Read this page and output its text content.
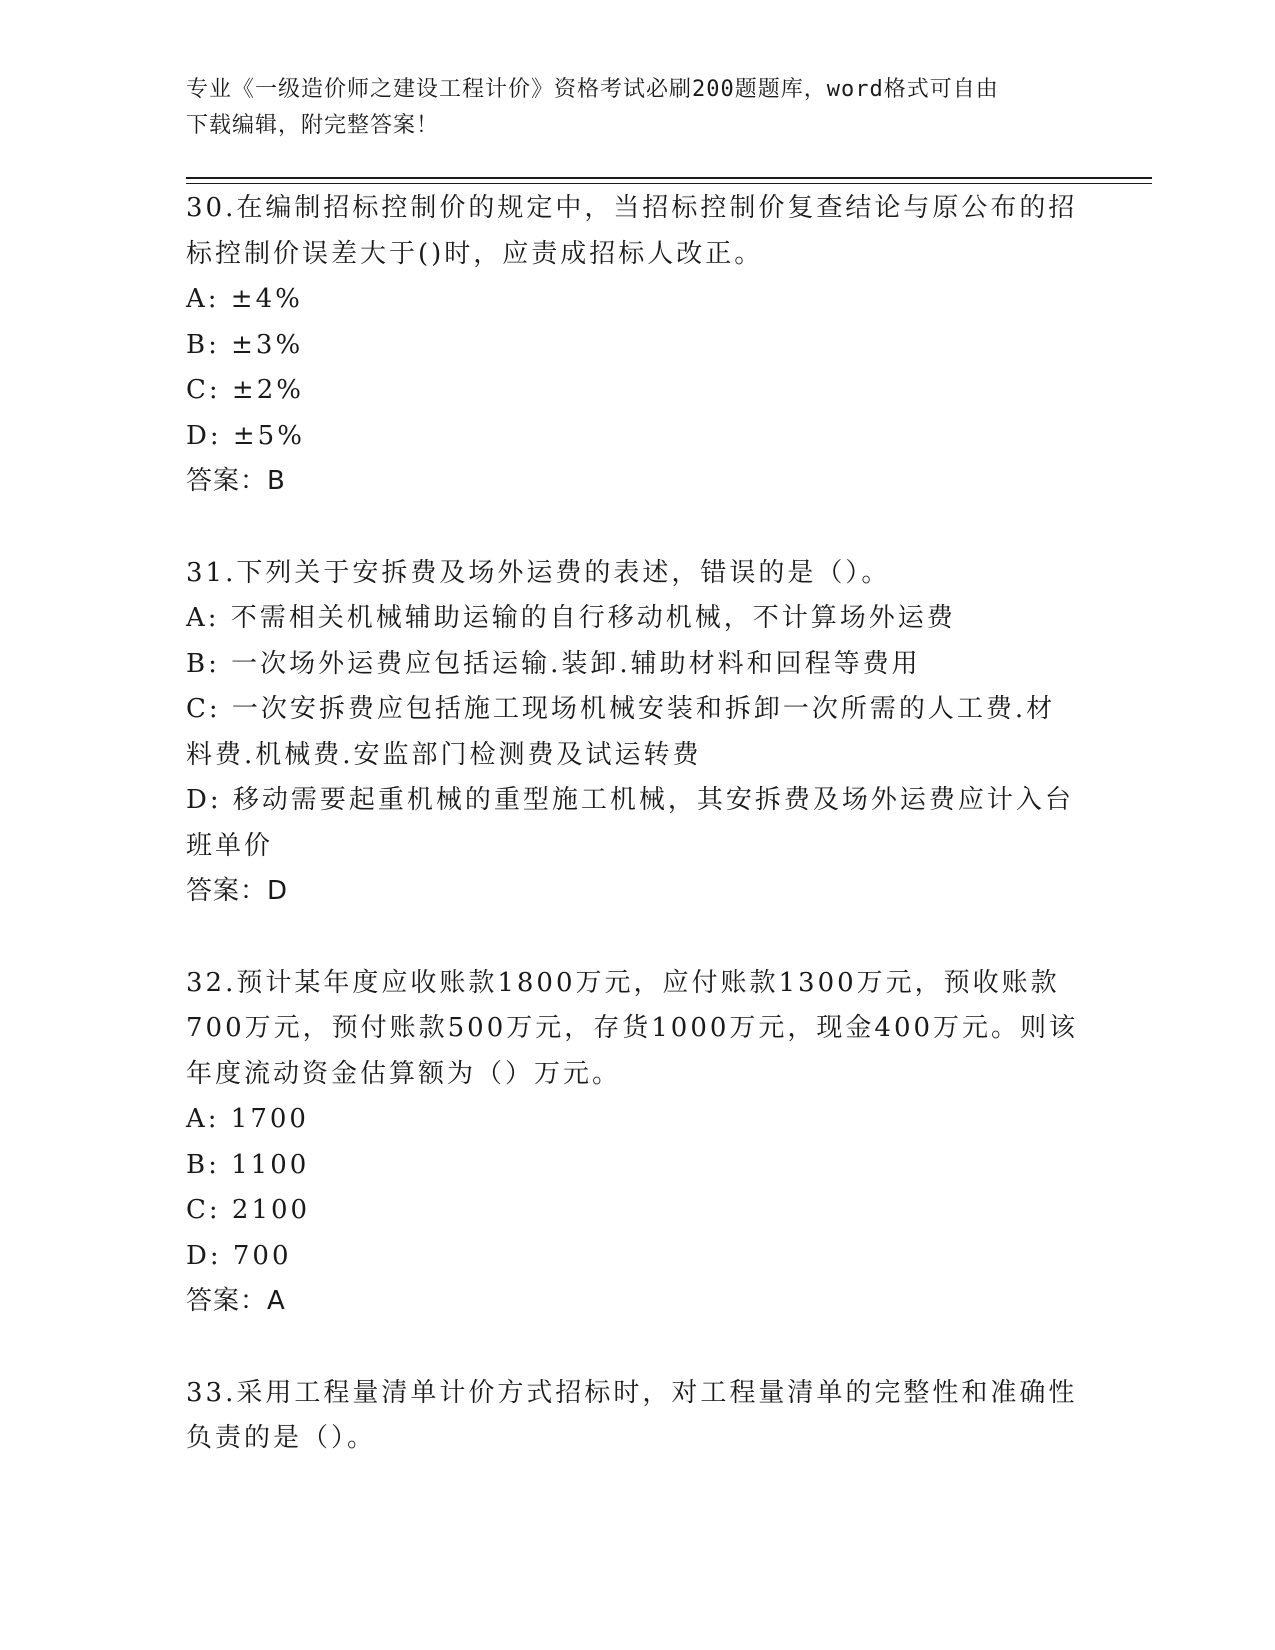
专业《一级造价师之建设工程计价》资格考试必刷200题题库，word格式可自由
下载编辑，附完整答案！

30.在编制招标控制价的规定中，当招标控制价复查结论与原公布的招

标控制价误差大于()时，应责成招标人改正。

A: ±4%

B: ±3%

C: ±2%

D: ±5%

答案：B

31.下列关于安拆费及场外运费的表述，错误的是（）。

A: 不需相关机械辅助运输的自行移动机械，不计算场外运费

B: 一次场外运费应包括运输.装卸.辅助材料和回程等费用

C: 一次安拆费应包括施工现场机械安装和拆卸一次所需的人工费.材
料费.机械费.安监部门检测费及试运转费

D: 移动需要起重机械的重型施工机械，其安拆费及场外运费应计入台
班单价

答案：D

32.预计某年度应收账款1800万元，应付账款1300万元，预收账款

700万元，预付账款500万元，存货1000万元，现金400万元。则该

年度流动资金估算额为（）万元。

A: 1700

B: 1100

C: 2100

D: 700

答案：A

33.采用工程量清单计价方式招标时，对工程量清单的完整性和准确性

负责的是（）。
